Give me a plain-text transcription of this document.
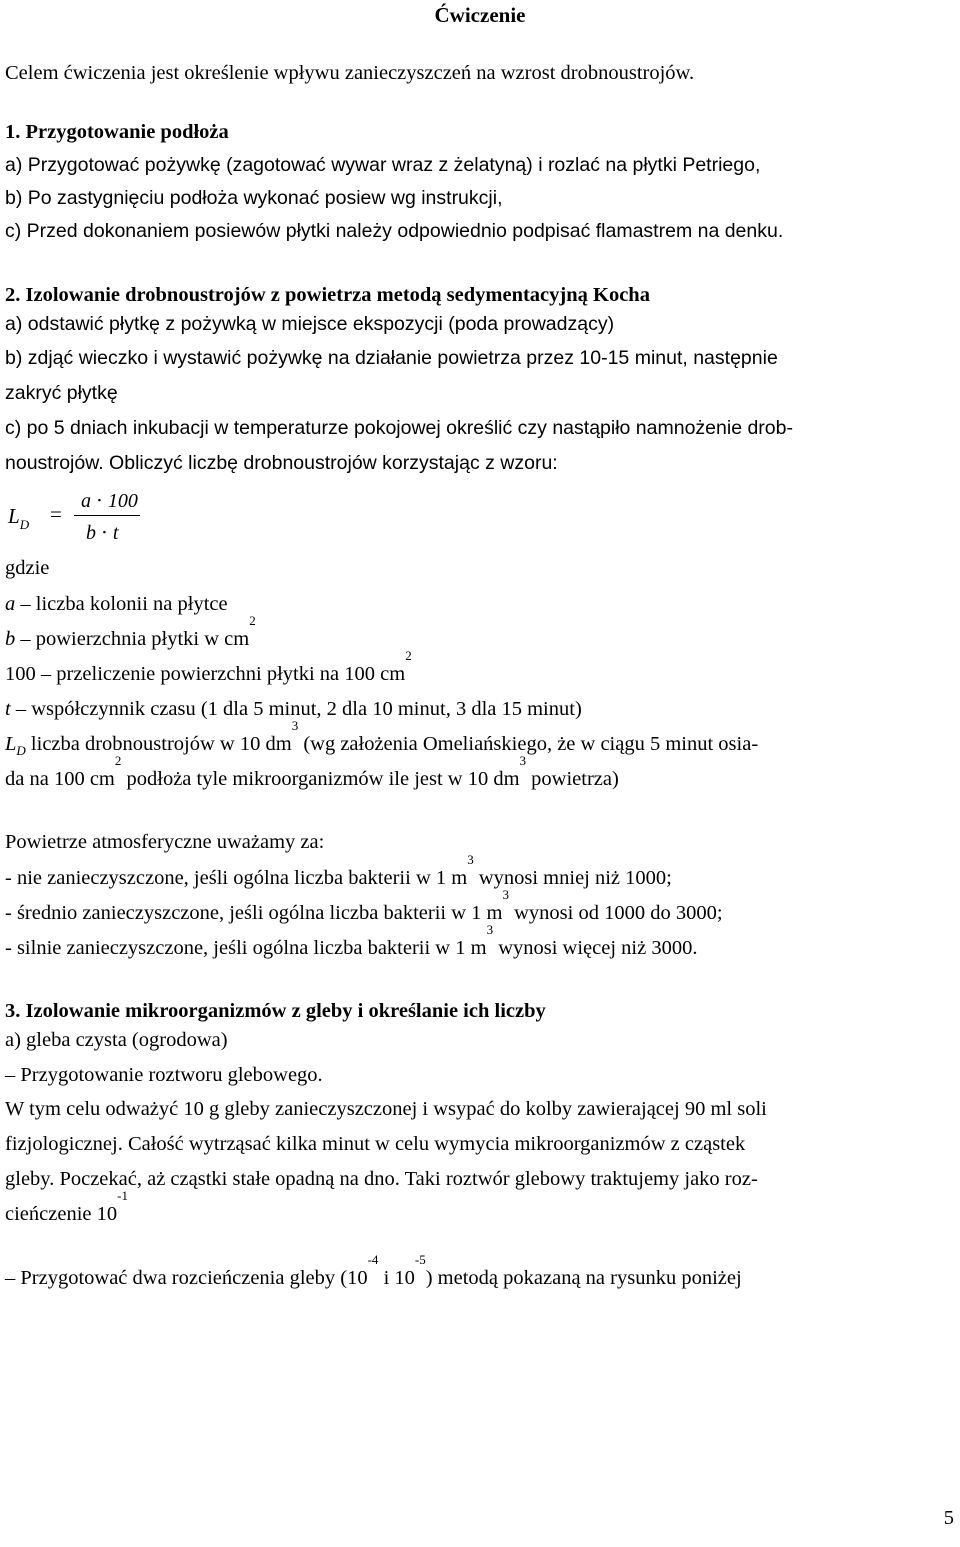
Ćwiczenie
Celem ćwiczenia jest określenie wpływu zanieczyszczeń na wzrost drobnoustrojów.
1. Przygotowanie podłoża
a) Przygotować pożywkę (zagotować wywar wraz z żelatyną) i rozlać na płytki Petriego,
b) Po zastygnięciu podłoża wykonać posiew wg instrukcji,
c) Przed dokonaniem posiewów płytki należy odpowiednio podpisać flamastrem na denku.
2. Izolowanie drobnoustrojów z powietrza metodą sedymentacyjną Kocha
a) odstawić płytkę z pożywką w miejsce ekspozycji (poda prowadzący)
b) zdjąć wieczko i wystawić pożywkę na działanie powietrza przez 10-15 minut, następnie
zakryć płytkę
c) po 5 dniach inkubacji w temperaturze pokojowej określić czy nastąpiło namnożenie drob-
noustrojów. Obliczyć liczbę drobnoustrojów korzystając z wzoru:
$L_D$ =
a ⋅ 100
b ⋅ t
gdzie
a – liczba kolonii na płytce
b – powierzchnia płytki w $cm^2$
100 – przeliczenie powierzchni płytki na 100 $cm^2$
t – współczynnik czasu (1 dla 5 minut, 2 dla 10 minut, 3 dla 15 minut)
$L_D$ liczba drobnoustrojów w 10 $dm^3$ (wg założenia Omeliańskiego, że w ciągu 5 minut osia-
da na 100 $cm^2$ podłoża tyle mikroorganizmów ile jest w 10 $dm^3$ powietrza)
Powietrze atmosferyczne uważamy za:
- nie zanieczyszczone, jeśli ogólna liczba bakterii w 1 $m^3$ wynosi mniej niż 1000;
- średnio zanieczyszczone, jeśli ogólna liczba bakterii w 1 $m^3$ wynosi od 1000 do 3000;
- silnie zanieczyszczone, jeśli ogólna liczba bakterii w 1 $m^3$ wynosi więcej niż 3000.
3. Izolowanie mikroorganizmów z gleby i określanie ich liczby
a) gleba czysta (ogrodowa)
– Przygotowanie roztworu glebowego.
W tym celu odważyć 10 g gleby zanieczyszczonej i wsypać do kolby zawierającej 90 ml soli
fizjologicznej. Całość wytrząsać kilka minut w celu wymycia mikroorganizmów z cząstek
gleby. Poczekać, aż cząstki stałe opadną na dno. Taki roztwór glebowy traktujemy jako roz-
cieńczenie $10^{-1}$
– Przygotować dwa rozcieńczenia gleby ($10^{-4}$ i $10^{-5}$) metodą pokazaną na rysunku poniżej
5
